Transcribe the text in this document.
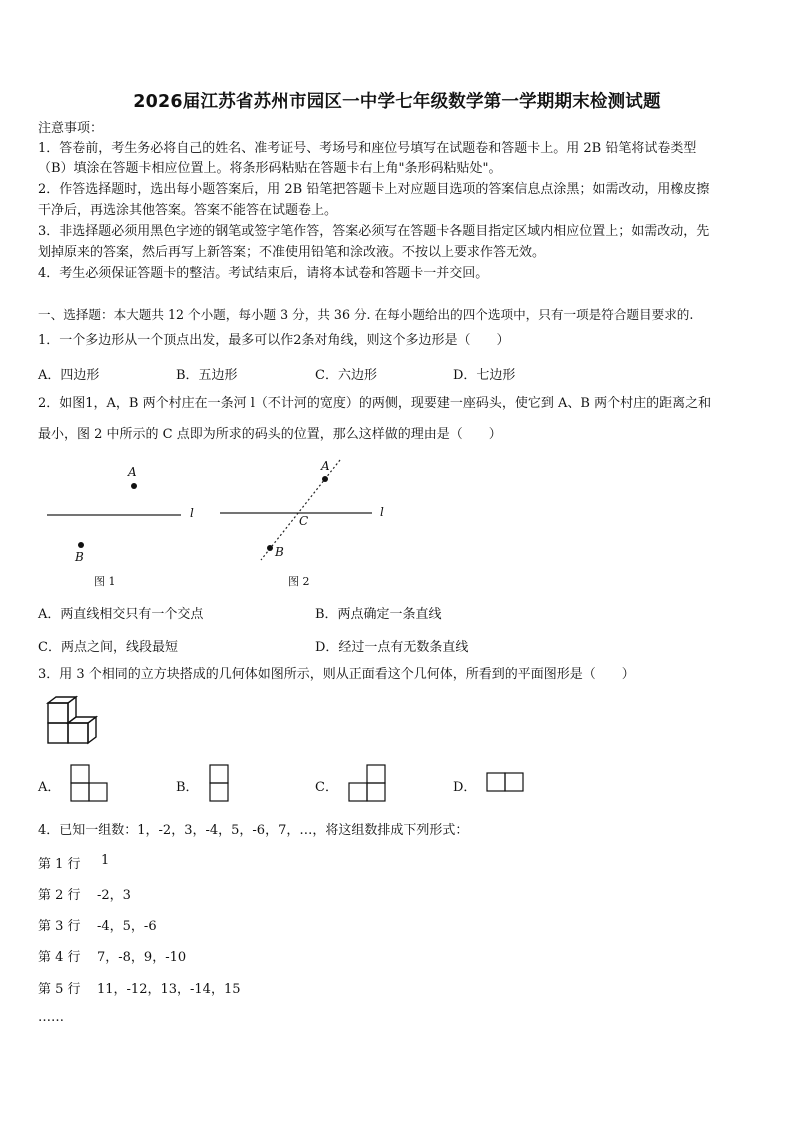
2026届江苏省苏州市园区一中学七年级数学第一学期期末检测试题
注意事项：
1．答卷前，考生务必将自己的姓名、准考证号、考场号和座位号填写在试题卷和答题卡上。用 2B 铅笔将试卷类型
（B）填涂在答题卡相应位置上。将条形码粘贴在答题卡右上角"条形码粘贴处"。
2．作答选择题时，选出每小题答案后，用 2B 铅笔把答题卡上对应题目选项的答案信息点涂黑；如需改动，用橡皮擦
干净后，再选涂其他答案。答案不能答在试题卷上。
3．非选择题必须用黑色字迹的钢笔或签字笔作答，答案必须写在答题卡各题目指定区域内相应位置上；如需改动，先
划掉原来的答案，然后再写上新答案；不准使用铅笔和涂改液。不按以上要求作答无效。
4．考生必须保证答题卡的整洁。考试结束后，请将本试卷和答题卡一并交回。
一、选择题：本大题共 12 个小题，每小题 3 分，共 36 分. 在每小题给出的四个选项中，只有一项是符合题目要求的.
1．一个多边形从一个顶点出发，最多可以作2条对角线，则这个多边形是（　　）
A．四边形	B．五边形	C．六边形	D．七边形
2．如图1，A，B 两个村庄在一条河 l（不计河的宽度）的两侧，现要建一座码头，使它到 A、B 两个村庄的距离之和
最小，图 2 中所示的 C 点即为所求的码头的位置，那么这样做的理由是（　　）
A
B
l
图 1
A
B
C
l
图 2
A．两直线相交只有一个交点	B．两点确定一条直线
C．两点之间，线段最短	D．经过一点有无数条直线
3．用 3 个相同的立方块搭成的几何体如图所示，则从正面看这个几何体，所看到的平面图形是（　　）
A．	B．	C．	D．
4．已知一组数：1，-2，3，-4，5，-6，7，…，将这组数排成下列形式：
第 1 行 1
第 2 行 -2，3
第 3 行 -4，5，-6
第 4 行 7，-8，9，-10
第 5 行 11，-12，13，-14，15
……
